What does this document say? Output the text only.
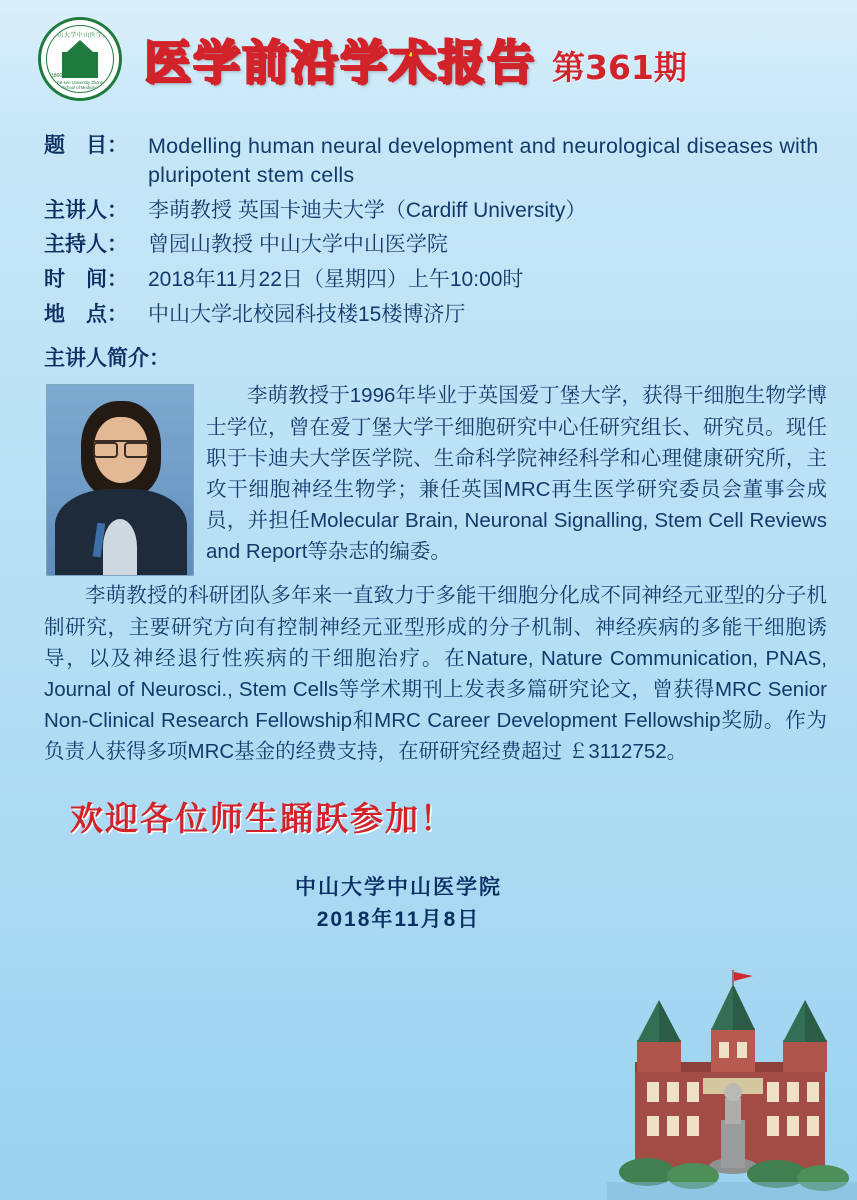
中山大学中山医学院
1866
Sun Yat-sen University Zhongshan School of Medicine 医学前沿学术报告 第361期
题　目： Modelling human neural development and neurological diseases with pluripotent stem cells
主讲人： 李萌教授 英国卡迪夫大学（Cardiff University）
主持人： 曾园山教授 中山大学中山医学院
时　间： 2018年11月22日（星期四）上午10:00时
地　点： 中山大学北校园科技楼15楼博济厅
主讲人简介：

李萌教授于1996年毕业于英国爱丁堡大学，获得干细胞生物学博士学位，曾在爱丁堡大学干细胞研究中心任研究组长、研究员。现任职于卡迪夫大学医学院、生命科学院神经科学和心理健康研究所，主攻干细胞神经生物学；兼任英国MRC再生医学研究委员会董事会成员，并担任Molecular Brain, Neuronal Signalling, Stem Cell Reviews and Report等杂志的编委。

李萌教授的科研团队多年来一直致力于多能干细胞分化成不同神经元亚型的分子机制研究，主要研究方向有控制神经元亚型形成的分子机制、神经疾病的多能干细胞诱导，以及神经退行性疾病的干细胞治疗。在Nature, Nature Communication, PNAS, Journal of Neurosci., Stem Cells等学术期刊上发表多篇研究论文，曾获得MRC Senior Non-Clinical Research Fellowship和MRC Career Development Fellowship奖励。作为负责人获得多项MRC基金的经费支持，在研研究经费超过 ￡3112752。

欢迎各位师生踊跃参加！
中山大学中山医学院
2018年11月8日
